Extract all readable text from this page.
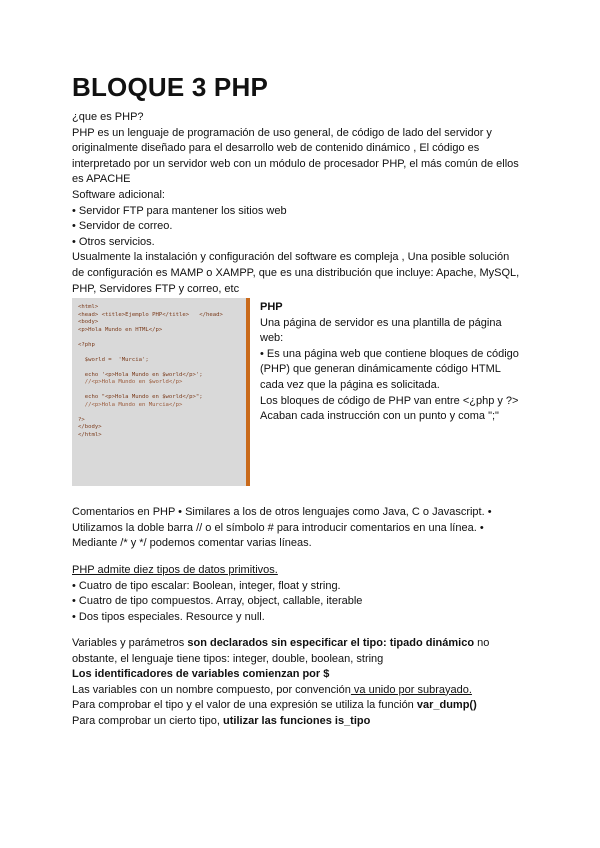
BLOQUE 3 PHP

¿que es PHP?

PHP es un lenguaje de programación de uso general, de código de lado del servidor y

originalmente diseñado para el desarrollo web de contenido dinámico , El código es

interpretado por un servidor web con un módulo de procesador PHP, el más común de ellos

es APACHE

Software adicional:

• Servidor FTP para mantener los sitios web

• Servidor de correo.

• Otros servicios.

Usualmente la instalación y configuración del software es compleja , Una posible solución

de configuración es MAMP o XAMPP, que es una distribución que incluye: Apache, MySQL,

PHP, Servidores FTP y correo, etc

<html>
<head> <title>Ejemplo PHP</title>   </head>
<body>
<p>Hola Mundo en HTML</p>

<?php

$world =  'Murcia';

echo '<p>Hola Mundo en $world</p>';
//<p>Hola Mundo en $world</p>

echo "<p>Hola Mundo en $world</p>";
//<p>Hola Mundo en Murcia</p>

?>
</body>
</html>

PHP

Una página de servidor es una plantilla de página

web:

• Es una página web que contiene bloques de código

(PHP) que generan dinámicamente código HTML

cada vez que la página es solicitada.

Los bloques de código de PHP van entre <¿php y ?>

Acaban cada instrucción con un punto y coma ";"

Comentarios en PHP • Similares a los de otros lenguajes como Java, C o Javascript. •

Utilizamos la doble barra // o el símbolo # para introducir comentarios en una línea. •

Mediante /* y */ podemos comentar varias líneas.

PHP admite diez tipos de datos primitivos.

• Cuatro de tipo escalar: Boolean, integer, float y string.

• Cuatro de tipo compuestos. Array, object, callable, iterable

• Dos tipos especiales. Resource y null.

Variables y parámetros son declarados sin especificar el tipo: tipado dinámico no

obstante, el lenguaje tiene tipos: integer, double, boolean, string

Los identificadores de variables comienzan por $

Las variables con un nombre compuesto, por convención va unido por subrayado.

Para comprobar el tipo y el valor de una expresión se utiliza la función var_dump()

Para comprobar un cierto tipo, utilizar las funciones is_tipo
